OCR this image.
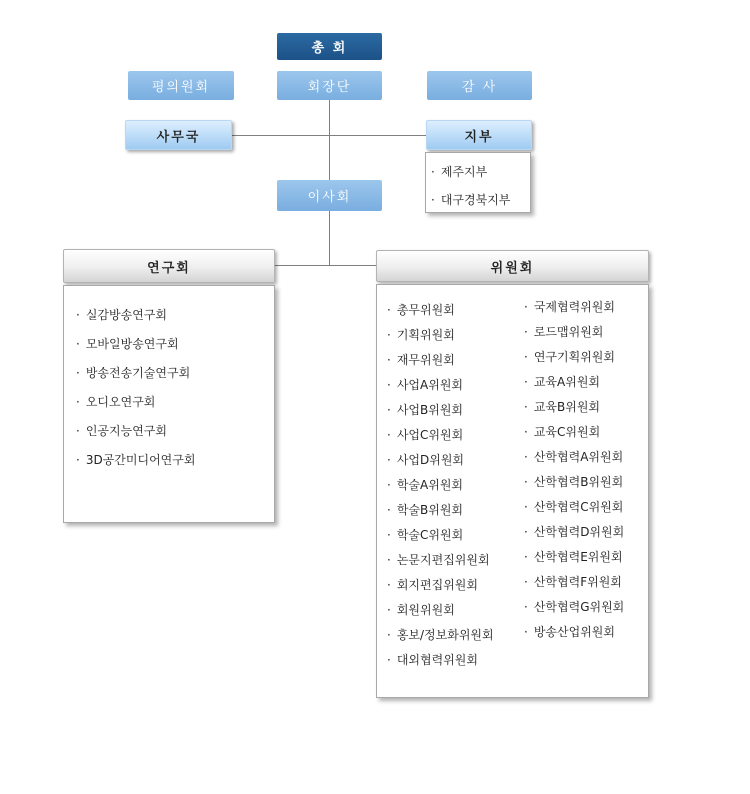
총 회
평의원회	회장단	감 사
사무국	지부
· 제주지부
· 대구경북지부
이사회
연구회
· 실감방송연구회
· 모바일방송연구회
· 방송전송기술연구회
· 오디오연구회
· 인공지능연구회
· 3D공간미디어연구회
위원회
· 총무위원회
· 기획위원회
· 재무위원회
· 사업A위원회
· 사업B위원회
· 사업C위원회
· 사업D위원회
· 학술A위원회
· 학술B위원회
· 학술C위원회
· 논문지편집위원회
· 회지편집위원회
· 회원위원회
· 홍보/정보화위원회
· 대외협력위원회
· 국제협력위원회
· 로드맵위원회
· 연구기획위원회
· 교육A위원회
· 교육B위원회
· 교육C위원회
· 산학협력A위원회
· 산학협력B위원회
· 산학협력C위원회
· 산학협력D위원회
· 산학협력E위원회
· 산학협력F위원회
· 산학협력G위원회
· 방송산업위원회
